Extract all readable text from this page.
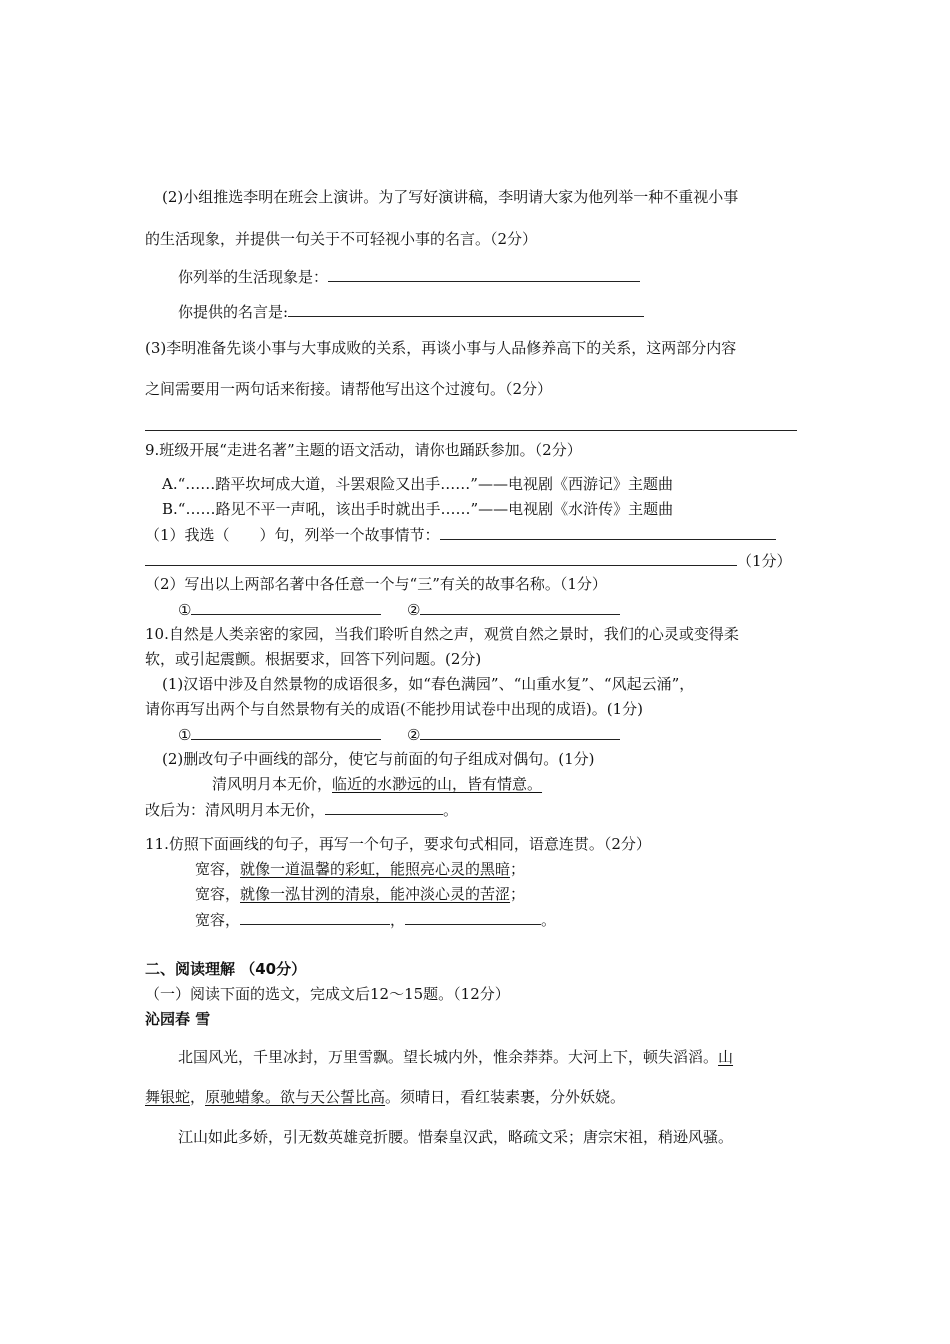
(2)小组推选李明在班会上演讲。为了写好演讲稿，李明请大家为他列举一种不重视小事
的生活现象，并提供一句关于不可轻视小事的名言。（2分）
你列举的生活现象是：
你提供的名言是:
(3)李明准备先谈小事与大事成败的关系，再谈小事与人品修养高下的关系，这两部分内容
之间需要用一两句话来衔接。请帮他写出这个过渡句。（2分）
9.班级开展“走进名著”主题的语文活动，请你也踊跃参加。（2分）
A.“……踏平坎坷成大道，斗罢艰险又出手……”——电视剧《西游记》主题曲
B.“……路见不平一声吼，该出手时就出手……”——电视剧《水浒传》主题曲
（1）我选（　　）句，列举一个故事情节：
（1分）
（2）写出以上两部名著中各任意一个与“三”有关的故事名称。（1分）
①	②
10.自然是人类亲密的家园，当我们聆听自然之声，观赏自然之景时，我们的心灵或变得柔
软，或引起震颤。根据要求，回答下列问题。(2分)
(1)汉语中涉及自然景物的成语很多，如“春色满园”、“山重水复”、“风起云涌”，
请你再写出两个与自然景物有关的成语(不能抄用试卷中出现的成语)。(1分)
①	②
(2)删改句子中画线的部分，使它与前面的句子组成对偶句。(1分)
清风明月本无价，临近的水渺远的山，皆有情意。
改后为：清风明月本无价，	。
11.仿照下面画线的句子，再写一个句子，要求句式相同，语意连贯。（2分）
宽容，就像一道温馨的彩虹，能照亮心灵的黑暗；
宽容，就像一泓甘洌的清泉，能冲淡心灵的苦涩；
宽容，	，	。
二、阅读理解 （40分）
（一）阅读下面的选文，完成文后12～15题。（12分）
沁园春 雪
北国风光，千里冰封，万里雪飘。望长城内外，惟余莽莽。大河上下，顿失滔滔。山
舞银蛇，原驰蜡象。欲与天公誓比高。须晴日，看红装素裹，分外妖娆。
江山如此多娇，引无数英雄竞折腰。惜秦皇汉武，略疏文采；唐宗宋祖，稍逊风骚。
